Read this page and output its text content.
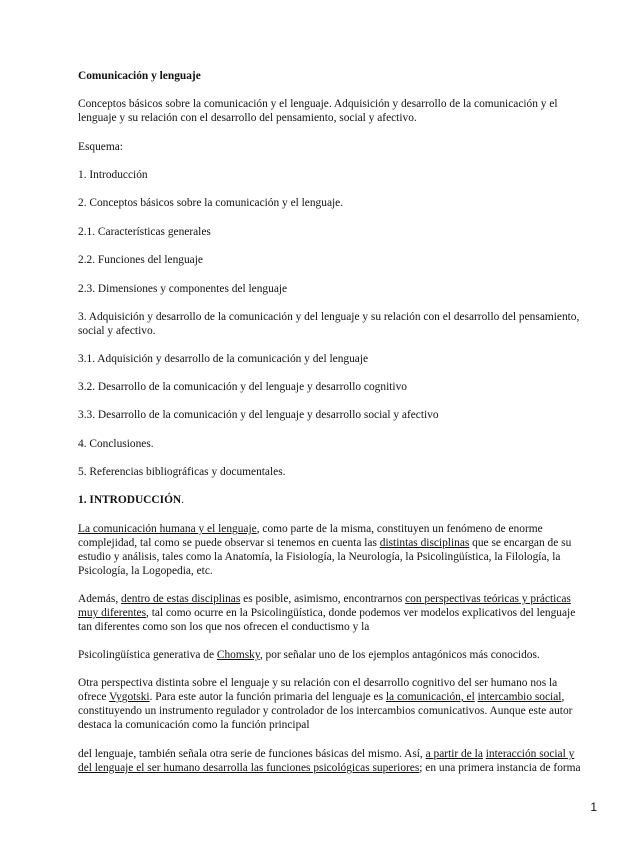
Comunicación y lenguaje
Conceptos básicos sobre la comunicación y el lenguaje. Adquisición y desarrollo de la comunicación y el
lenguaje y su relación con el desarrollo del pensamiento, social y afectivo.
Esquema:
1. Introducción
2. Conceptos básicos sobre la comunicación y el lenguaje.
2.1. Características generales
2.2. Funciones del lenguaje
2.3. Dimensiones y componentes del lenguaje
3. Adquisición y desarrollo de la comunicación y del lenguaje y su relación con el desarrollo del pensamiento,
social y afectivo.
3.1. Adquisición y desarrollo de la comunicación y del lenguaje
3.2. Desarrollo de la comunicación y del lenguaje y desarrollo cognitivo
3.3. Desarrollo de la comunicación y del lenguaje y desarrollo social y afectivo
4. Conclusiones.
5. Referencias bibliográficas y documentales.
1. INTRODUCCIÓN.
La comunicación humana y el lenguaje, como parte de la misma, constituyen un fenómeno de enorme
complejidad, tal como se puede observar si tenemos en cuenta las distintas disciplinas que se encargan de su
estudio y análisis, tales como la Anatomía, la Fisiología, la Neurología, la Psicolingüística, la Filología, la
Psicología, la Logopedia, etc.
Además, dentro de estas disciplinas es posible, asimismo, encontrarnos con perspectivas teóricas y prácticas
muy diferentes, tal como ocurre en la Psicolingüística, donde podemos ver modelos explicativos del lenguaje
tan diferentes como son los que nos ofrecen el conductismo y la
Psicolingüística generativa de Chomsky, por señalar uno de los ejemplos antagónicos más conocidos.
Otra perspectiva distinta sobre el lenguaje y su relación con el desarrollo cognitivo del ser humano nos la
ofrece Vygotski. Para este autor la función primaria del lenguaje es la comunicación, el intercambio social,
constituyendo un instrumento regulador y controlador de los intercambios comunicativos. Aunque este autor
destaca la comunicación como la función principal
del lenguaje, también señala otra serie de funciones básicas del mismo. Así, a partir de la interacción social y
del lenguaje el ser humano desarrolla las funciones psicológicas superiores; en una primera instancia de forma
1
